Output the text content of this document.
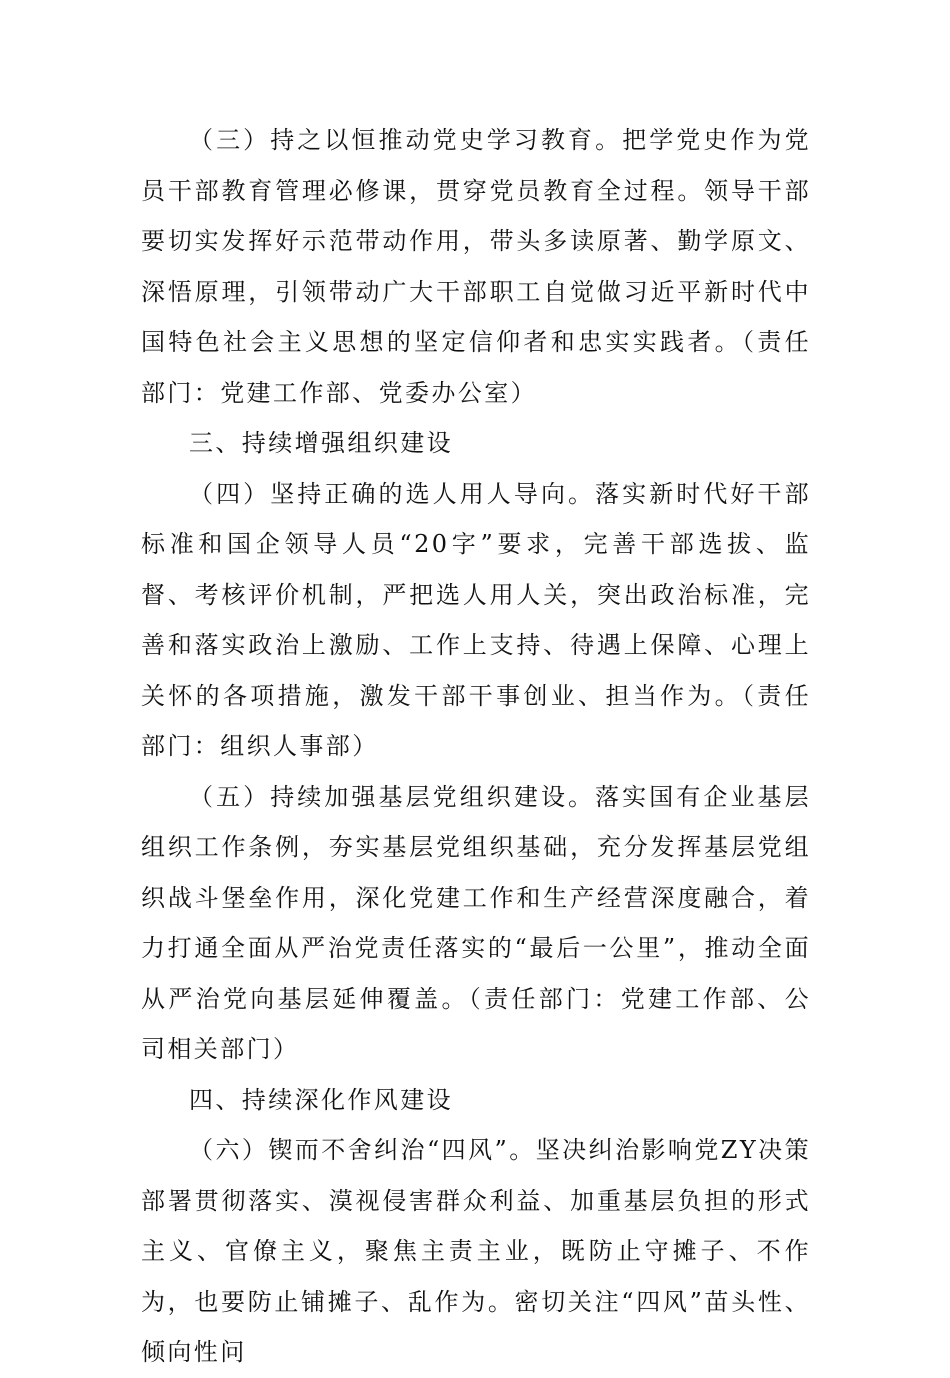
（三）持之以恒推动党史学习教育。把学党史作为党员干部教育管理必修课，贯穿党员教育全过程。领导干部要切实发挥好示范带动作用，带头多读原著、勤学原文、深悟原理，引领带动广大干部职工自觉做习近平新时代中国特色社会主义思想的坚定信仰者和忠实实践者。（责任部门：党建工作部、党委办公室）

三、持续增强组织建设

（四）坚持正确的选人用人导向。落实新时代好干部标准和国企领导人员“20字”要求，完善干部选拔、监督、考核评价机制，严把选人用人关，突出政治标准，完善和落实政治上激励、工作上支持、待遇上保障、心理上关怀的各项措施，激发干部干事创业、担当作为。（责任部门：组织人事部）

（五）持续加强基层党组织建设。落实国有企业基层组织工作条例，夯实基层党组织基础，充分发挥基层党组织战斗堡垒作用，深化党建工作和生产经营深度融合，着力打通全面从严治党责任落实的“最后一公里”，推动全面从严治党向基层延伸覆盖。（责任部门：党建工作部、公司相关部门）

四、持续深化作风建设

（六）锲而不舍纠治“四风”。坚决纠治影响党ZY决策部署贯彻落实、漠视侵害群众利益、加重基层负担的形式主义、官僚主义，聚焦主责主业，既防止守摊子、不作为，也要防止铺摊子、乱作为。密切关注“四风”苗头性、倾向性问
